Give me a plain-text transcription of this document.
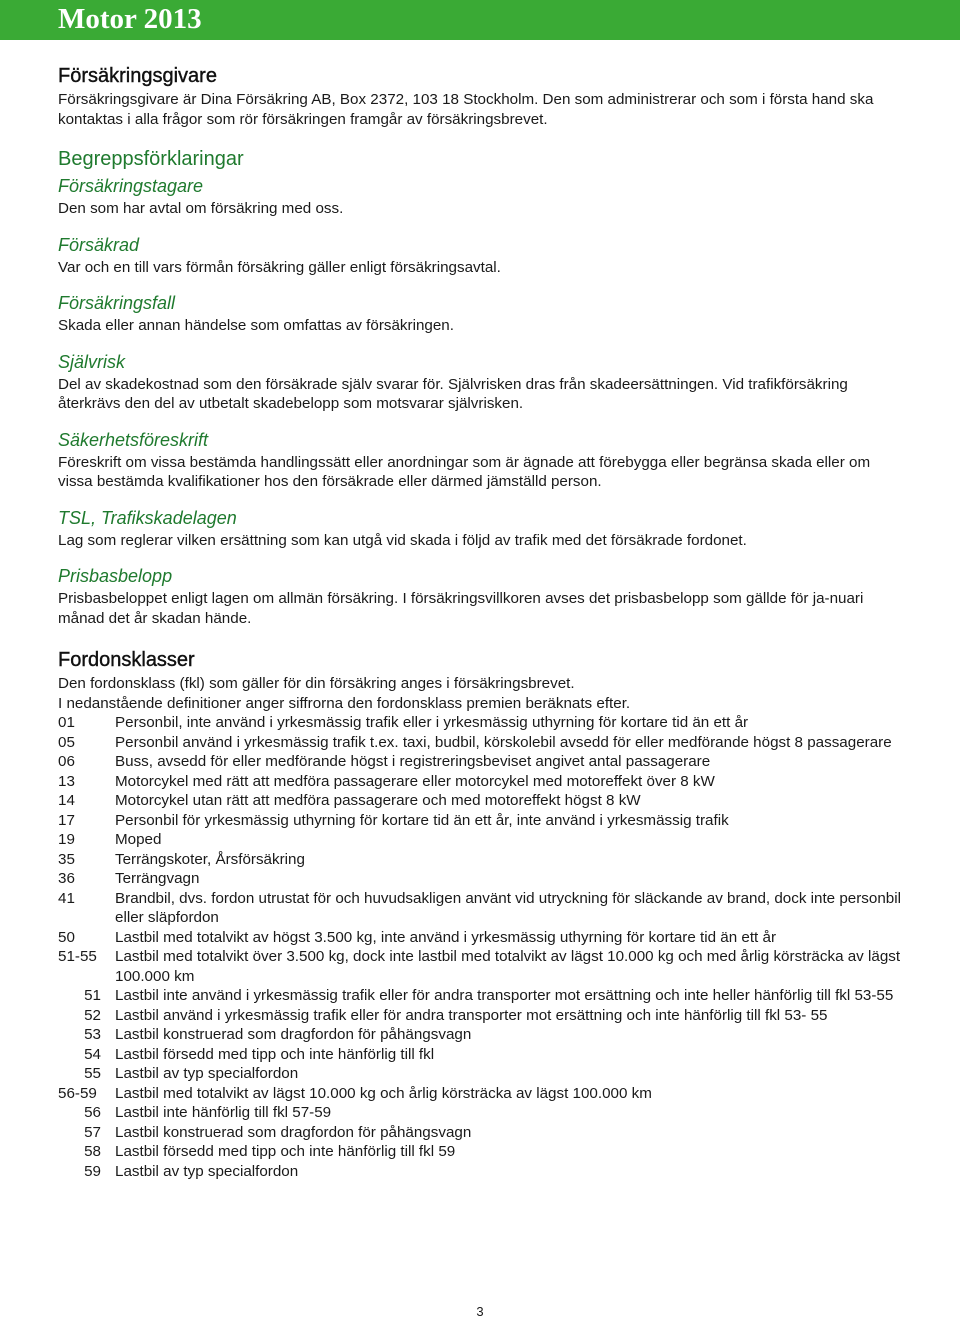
Motor 2013
Försäkringsgivare
Försäkringsgivare är Dina Försäkring AB, Box 2372, 103 18 Stockholm. Den som administrerar och som i första hand ska kontaktas i alla frågor som rör försäkringen framgår av försäkringsbrevet.
Begreppsförklaringar
Försäkringstagare
Den som har avtal om försäkring med oss.
Försäkrad
Var och en till vars förmån försäkring gäller enligt försäkringsavtal.
Försäkringsfall
Skada eller annan händelse som omfattas av försäkringen.
Självrisk
Del av skadekostnad som den försäkrade själv svarar för. Självrisken dras från skadeersättningen. Vid trafikförsäkring återkrävs den del av utbetalt skadebelopp som motsvarar självrisken.
Säkerhetsföreskrift
Föreskrift om vissa bestämda handlingssätt eller anordningar som är ägnade att förebygga eller begränsa skada eller om vissa bestämda kvalifikationer hos den försäkrade eller därmed jämställd person.
TSL, Trafikskadelagen
Lag som reglerar vilken ersättning som kan utgå vid skada i följd av trafik med det försäkrade fordonet.
Prisbasbelopp
Prisbasbeloppet enligt lagen om allmän försäkring. I försäkringsvillkoren avses det prisbasbelopp som gällde för ja-nuari månad det år skadan hände.
Fordonsklasser
Den fordonsklass (fkl) som gäller för din försäkring anges i försäkringsbrevet.
I nedanstående definitioner anger siffrorna den fordonsklass premien beräknats efter.
01	Personbil, inte använd i yrkesmässig trafik eller i yrkesmässig uthyrning för kortare tid än ett år
05	Personbil använd i yrkesmässig trafik t.ex. taxi, budbil, körskolebil avsedd för eller medförande högst 8 passagerare
06	Buss, avsedd för eller medförande högst i registreringsbeviset angivet antal passagerare
13	Motorcykel med rätt att medföra passagerare eller motorcykel med motoreffekt över 8 kW
14	Motorcykel utan rätt att medföra passagerare och med motoreffekt högst 8 kW
17	Personbil för yrkesmässig uthyrning för kortare tid än ett år, inte använd i yrkesmässig trafik
19	Moped
35	Terrängskoter, Årsförsäkring
36	Terrängvagn
41	Brandbil, dvs. fordon utrustat för och huvudsakligen använt vid utryckning för släckande av brand, dock inte personbil eller släpfordon
50	Lastbil med totalvikt av högst 3.500 kg, inte använd i yrkesmässig uthyrning för kortare tid än ett år
51-55 Lastbil med totalvikt över 3.500 kg, dock inte lastbil med totalvikt av lägst 10.000 kg och med årlig körsträcka av lägst 100.000 km
51 Lastbil inte använd i yrkesmässig trafik eller för andra transporter mot ersättning och inte heller hänförlig till fkl 53-55
52 Lastbil använd i yrkesmässig trafik eller för andra transporter mot ersättning och inte hänförlig till fkl 53- 55
53 Lastbil konstruerad som dragfordon för påhängsvagn
54 Lastbil försedd med tipp och inte hänförlig till fkl
55 Lastbil av typ specialfordon
56-59 Lastbil med totalvikt av lägst 10.000 kg och årlig körsträcka av lägst 100.000 km
56 Lastbil inte hänförlig till fkl 57-59
57 Lastbil konstruerad som dragfordon för påhängsvagn
58 Lastbil försedd med tipp och inte hänförlig till fkl 59
59 Lastbil av typ specialfordon
3
